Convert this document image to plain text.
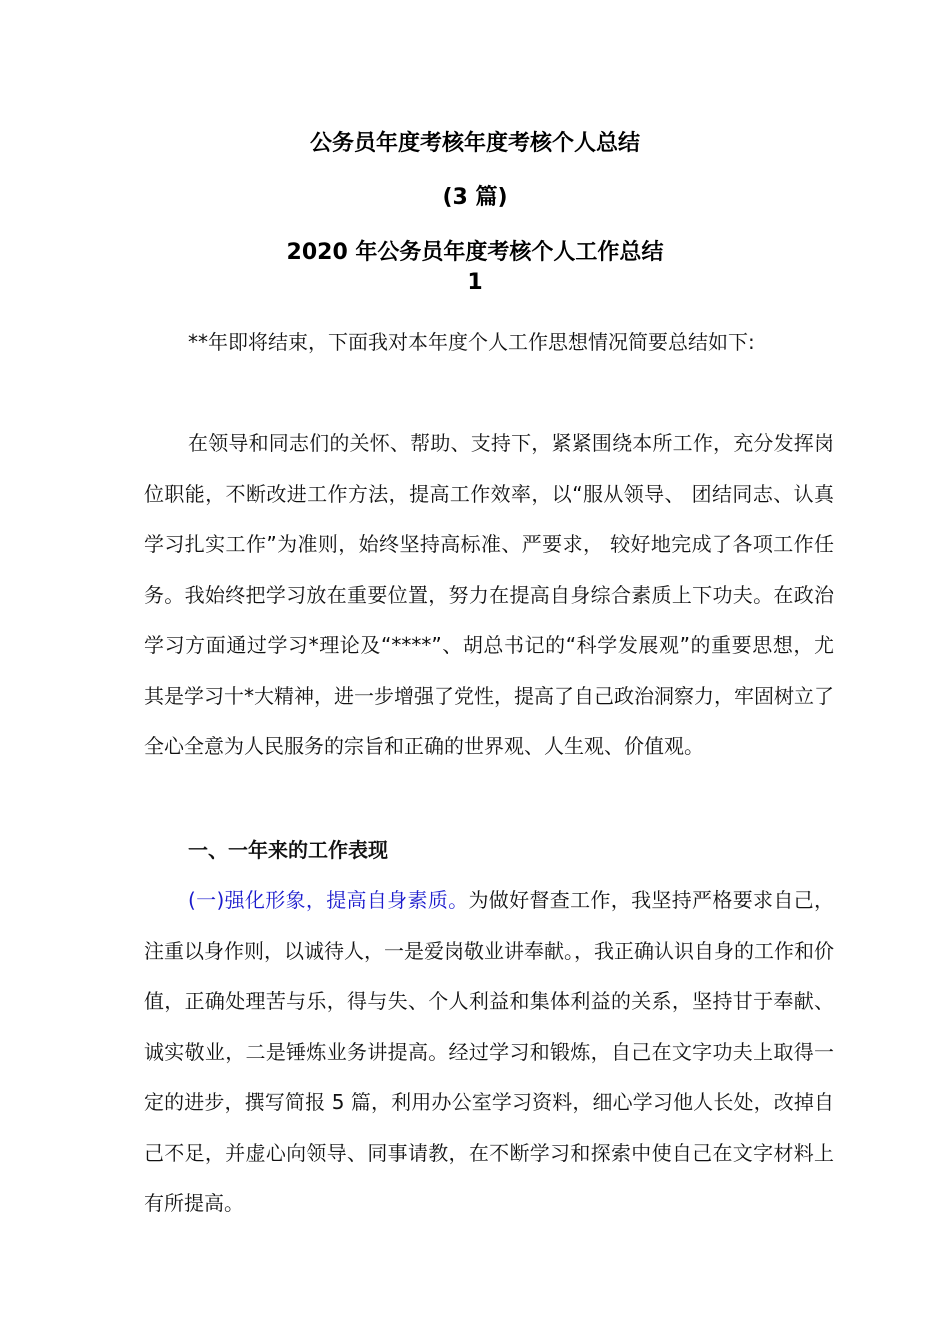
公务员年度考核年度考核个人总结
(3 篇)
2020 年公务员年度考核个人工作总结
1
**年即将结束，下面我对本年度个人工作思想情况简要总结如下:
在领导和同志们的关怀、帮助、支持下，紧紧围绕本所工作，充分发挥岗位职能，不断改进工作方法，提高工作效率，以“服从领导、 团结同志、认真学习扎实工作”为准则，始终坚持高标准、严要求， 较好地完成了各项工作任务。我始终把学习放在重要位置，努力在提高自身综合素质上下功夫。在政治学习方面通过学习*理论及“****”、胡总书记的“科学发展观”的重要思想，尤其是学习十*大精神，进一步增强了党性，提高了自己政治洞察力，牢固树立了全心全意为人民服务的宗旨和正确的世界观、人生观、价值观。
一、一年来的工作表现
(一)强化形象，提高自身素质。为做好督查工作，我坚持严格要求自己，注重以身作则，以诚待人，一是爱岗敬业讲奉献。，我正确认识自身的工作和价值，正确处理苦与乐，得与失、个人利益和集体利益的关系，坚持甘于奉献、诚实敬业，二是锤炼业务讲提高。经过学习和锻炼，自己在文字功夫上取得一定的进步，撰写简报 5 篇，利用办公室学习资料，细心学习他人长处，改掉自己不足，并虚心向领导、同事请教，在不断学习和探索中使自己在文字材料上有所提高。
